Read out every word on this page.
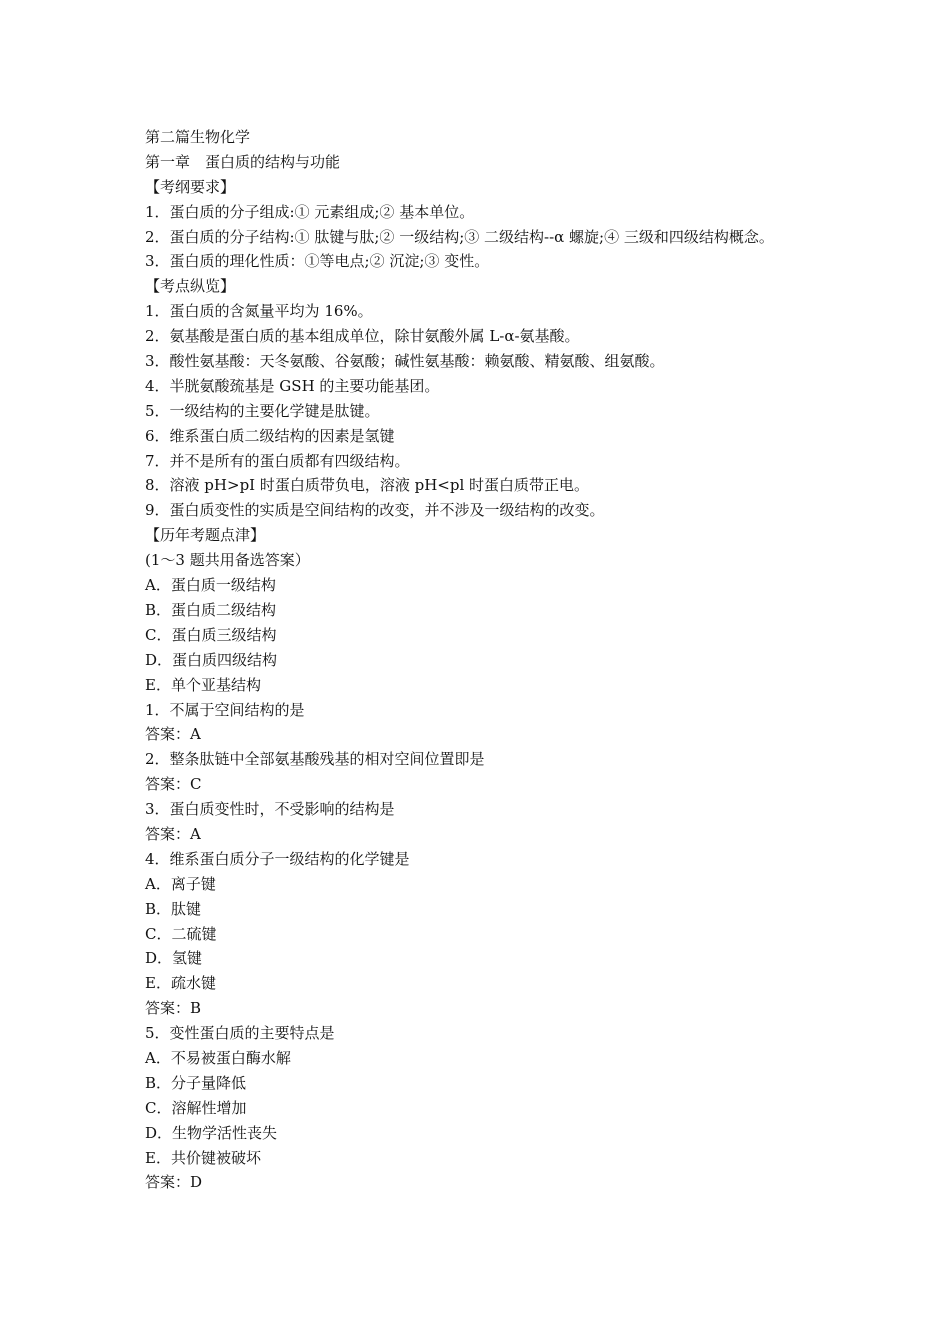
第二篇生物化学

第一章　蛋白质的结构与功能

【考纲要求】

1．蛋白质的分子组成:① 元素组成;② 基本单位。

2．蛋白质的分子结构:① 肽键与肽;② 一级结构;③ 二级结构--α 螺旋;④ 三级和四级结构概念。

3．蛋白质的理化性质：①等电点;② 沉淀;③ 变性。

【考点纵览】

1．蛋白质的含氮量平均为 16%。

2．氨基酸是蛋白质的基本组成单位，除甘氨酸外属 L-α-氨基酸。

3．酸性氨基酸：天冬氨酸、谷氨酸；碱性氨基酸：赖氨酸、精氨酸、组氨酸。

4．半胱氨酸巯基是 GSH 的主要功能基团。

5．一级结构的主要化学键是肽键。

6．维系蛋白质二级结构的因素是氢键

7．并不是所有的蛋白质都有四级结构。

8．溶液 pH>pI 时蛋白质带负电，溶液 pH<pl 时蛋白质带正电。

9．蛋白质变性的实质是空间结构的改变，并不涉及一级结构的改变。

【历年考题点津】

(1～3 题共用备选答案）

A．蛋白质一级结构

B．蛋白质二级结构

C．蛋白质三级结构

D．蛋白质四级结构

E．单个亚基结构

1．不属于空间结构的是

答案：A

2．整条肽链中全部氨基酸残基的相对空间位置即是

答案：C

3．蛋白质变性时，不受影响的结构是

答案：A

4．维系蛋白质分子一级结构的化学键是

A．离子键

B．肽键

C．二硫键

D．氢键

E．疏水键

答案：B

5．变性蛋白质的主要特点是

A．不易被蛋白酶水解

B．分子量降低

C．溶解性增加

D．生物学活性丧失

E．共价键被破坏

答案：D
